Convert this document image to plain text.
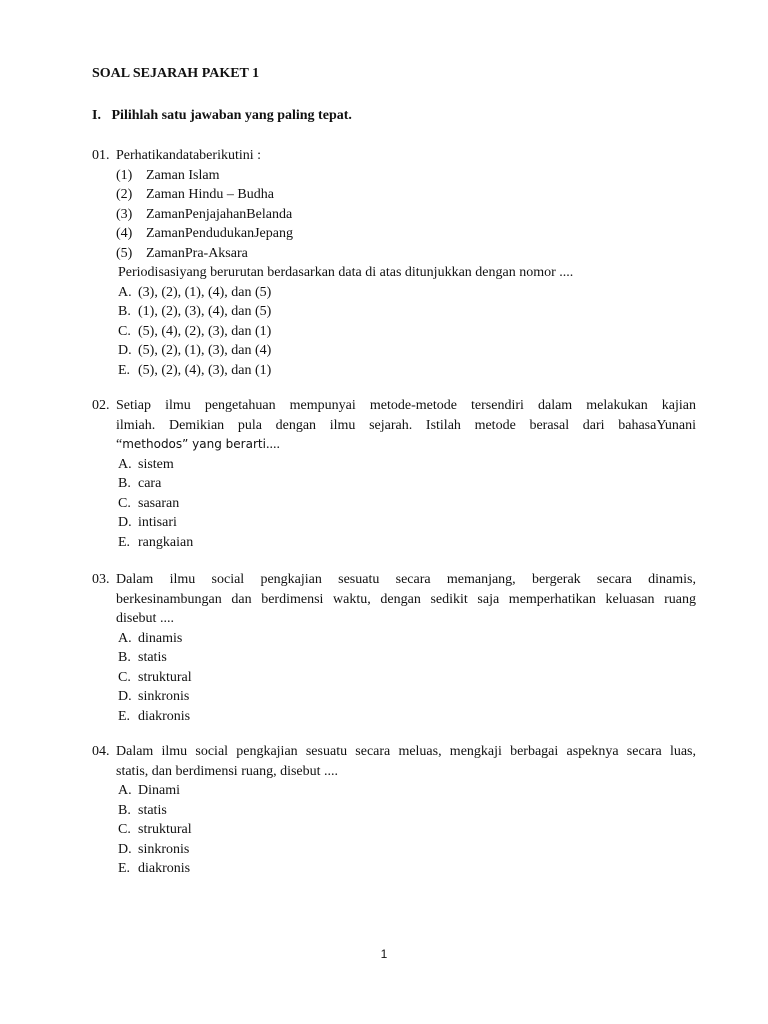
SOAL SEJARAH PAKET 1
I. Pilihlah satu jawaban yang paling tepat.
01. Perhatikandataberikutini :
(1) Zaman Islam
(2) Zaman Hindu – Budha
(3) ZamanPenjajahanBelanda
(4) ZamanPendudukanJepang
(5) ZamanPra-Aksara
Periodisasiyang berurutan berdasarkan data di atas ditunjukkan dengan nomor ....
A. (3), (2), (1), (4), dan (5)
B. (1), (2), (3), (4), dan (5)
C. (5), (4), (2), (3), dan (1)
D. (5), (2), (1), (3), dan (4)
E. (5), (2), (4), (3), dan (1)
02. Setiap ilmu pengetahuan mempunyai metode-metode tersendiri dalam melakukan kajian
ilmiah. Demikian pula dengan ilmu sejarah. Istilah metode berasal dari bahasaYunani
“methodos” yang berarti....
A. sistem
B. cara
C. sasaran
D. intisari
E. rangkaian
03. Dalam ilmu social pengkajian sesuatu secara memanjang, bergerak secara dinamis,
berkesinambungan dan berdimensi waktu, dengan sedikit saja memperhatikan keluasan ruang
disebut ....
A. dinamis
B. statis
C. struktural
D. sinkronis
E. diakronis
04. Dalam ilmu social pengkajian sesuatu secara meluas, mengkaji berbagai aspeknya secara luas,
statis, dan berdimensi ruang, disebut ....
A. Dinami
B. statis
C. struktural
D. sinkronis
E. diakronis
1
